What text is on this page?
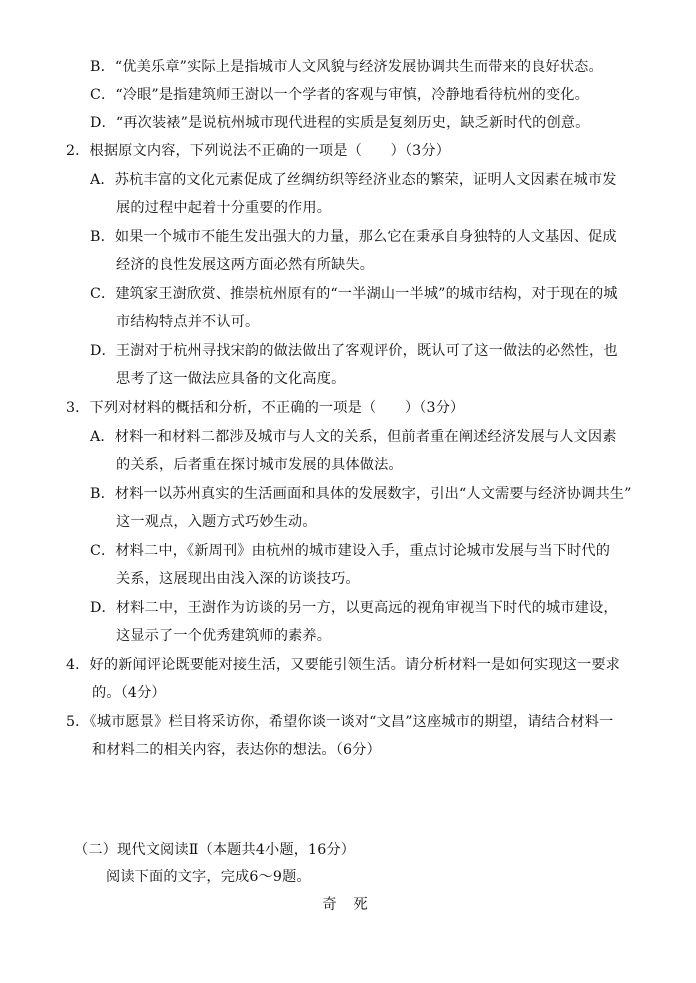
B．“优美乐章”实际上是指城市人文风貌与经济发展协调共生而带来的良好状态。
C．“冷眼”是指建筑师王澍以一个学者的客观与审慎，冷静地看待杭州的变化。
D．“再次装裱”是说杭州城市现代进程的实质是复刻历史，缺乏新时代的创意。
2．根据原文内容，下列说法不正确的一项是（　　）（3分）
A．苏杭丰富的文化元素促成了丝绸纺织等经济业态的繁荣，证明人文因素在城市发
展的过程中起着十分重要的作用。
B．如果一个城市不能生发出强大的力量，那么它在秉承自身独特的人文基因、促成
经济的良性发展这两方面必然有所缺失。
C．建筑家王澍欣赏、推崇杭州原有的“一半湖山一半城”的城市结构，对于现在的城
市结构特点并不认可。
D．王澍对于杭州寻找宋韵的做法做出了客观评价，既认可了这一做法的必然性，也
思考了这一做法应具备的文化高度。
3．下列对材料的概括和分析，不正确的一项是（　　）（3分）
A．材料一和材料二都涉及城市与人文的关系，但前者重在阐述经济发展与人文因素
的关系，后者重在探讨城市发展的具体做法。
B．材料一以苏州真实的生活画面和具体的发展数字，引出“人文需要与经济协调共生”
这一观点，入题方式巧妙生动。
C．材料二中，《新周刊》由杭州的城市建设入手，重点讨论城市发展与当下时代的
关系，这展现出由浅入深的访谈技巧。
D．材料二中，王澍作为访谈的另一方，以更高远的视角审视当下时代的城市建设，
这显示了一个优秀建筑师的素养。
4．好的新闻评论既要能对接生活，又要能引领生活。请分析材料一是如何实现这一要求
的。（4分）
5．《城市愿景》栏目将采访你，希望你谈一谈对“文昌”这座城市的期望，请结合材料一
和材料二的相关内容，表达你的想法。（6分）
（二）现代文阅读Ⅱ（本题共4小题，16分）
阅读下面的文字，完成6～9题。
奇 死
